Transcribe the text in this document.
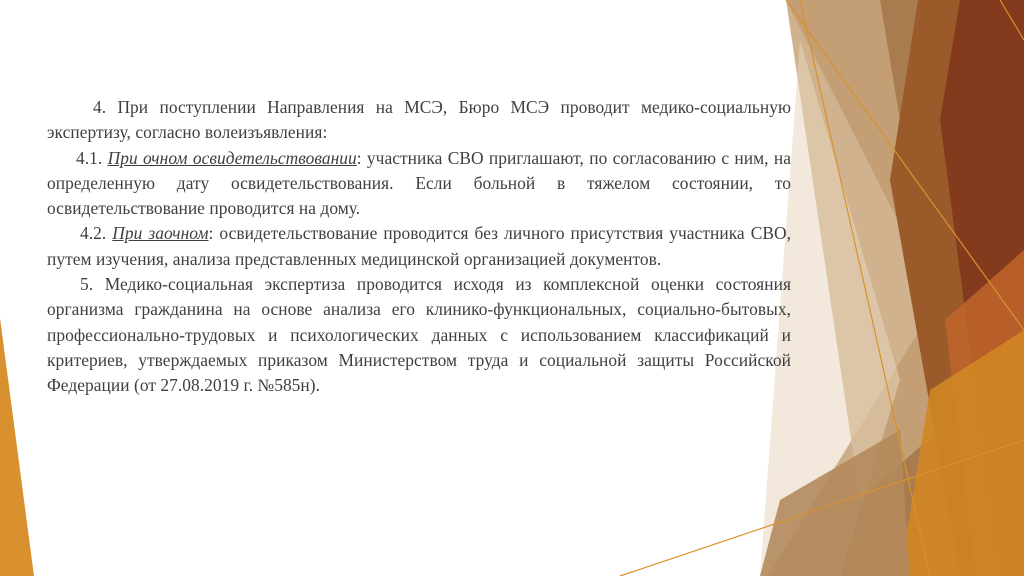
4. При поступлении Направления на МСЭ, Бюро МСЭ проводит медико-социальную экспертизу, согласно волеизъявления:

4.1. При очном освидетельствовании: участника СВО приглашают, по согласованию с ним, на определенную дату освидетельствования. Если больной в тяжелом состоянии, то освидетельствование проводится на дому.

4.2. При заочном: освидетельствование проводится без личного присутствия участника СВО, путем изучения, анализа представленных медицинской организацией документов.

5. Медико-социальная экспертиза проводится исходя из комплексной оценки состояния организма гражданина на основе анализа его клинико-функциональных, социально-бытовых, профессионально-трудовых и психологических данных с использованием классификаций и критериев, утверждаемых приказом Министерством труда и социальной защиты Российской Федерации (от 27.08.2019 г. №585н).
